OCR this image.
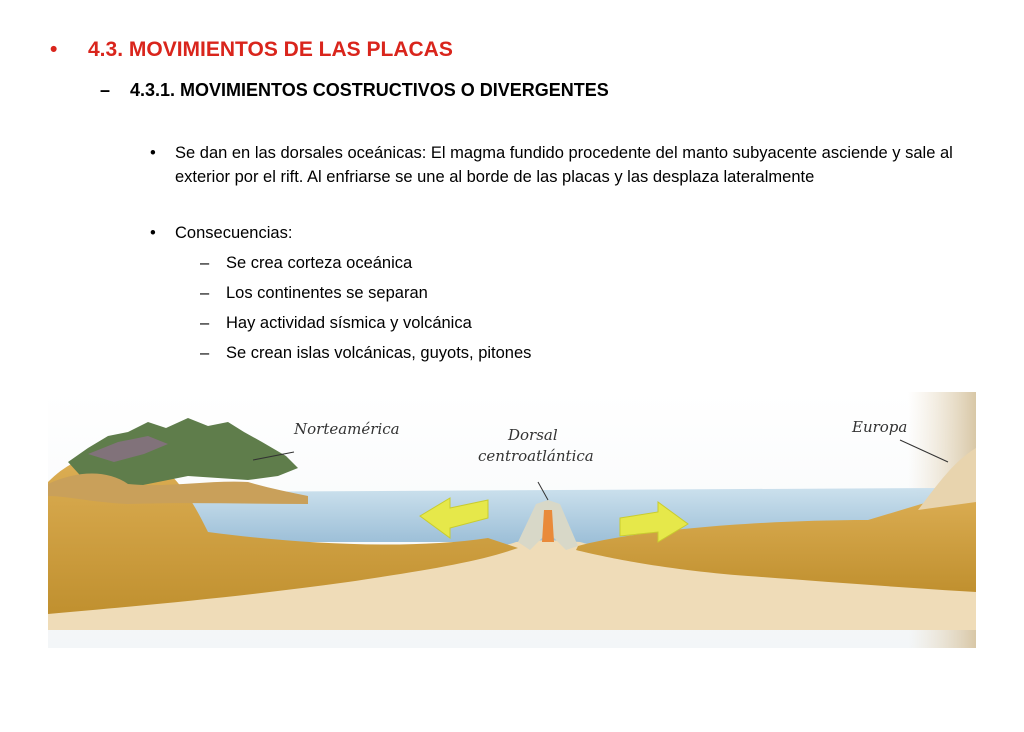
• 4.3. MOVIMIENTOS DE LAS PLACAS
– 4.3.1. MOVIMIENTOS COSTRUCTIVOS O DIVERGENTES
• Se dan en las dorsales oceánicas: El magma fundido procedente del manto subyacente asciende y sale al exterior por el rift. Al enfriarse se une al borde de las placas y las desplaza lateralmente
• Consecuencias:
– Se crea corteza oceánica
– Los continentes se separan
– Hay actividad sísmica y volcánica
– Se crean islas volcánicas, guyots, pitones
Norteamérica	Dorsal
centroatlántica
Europa
